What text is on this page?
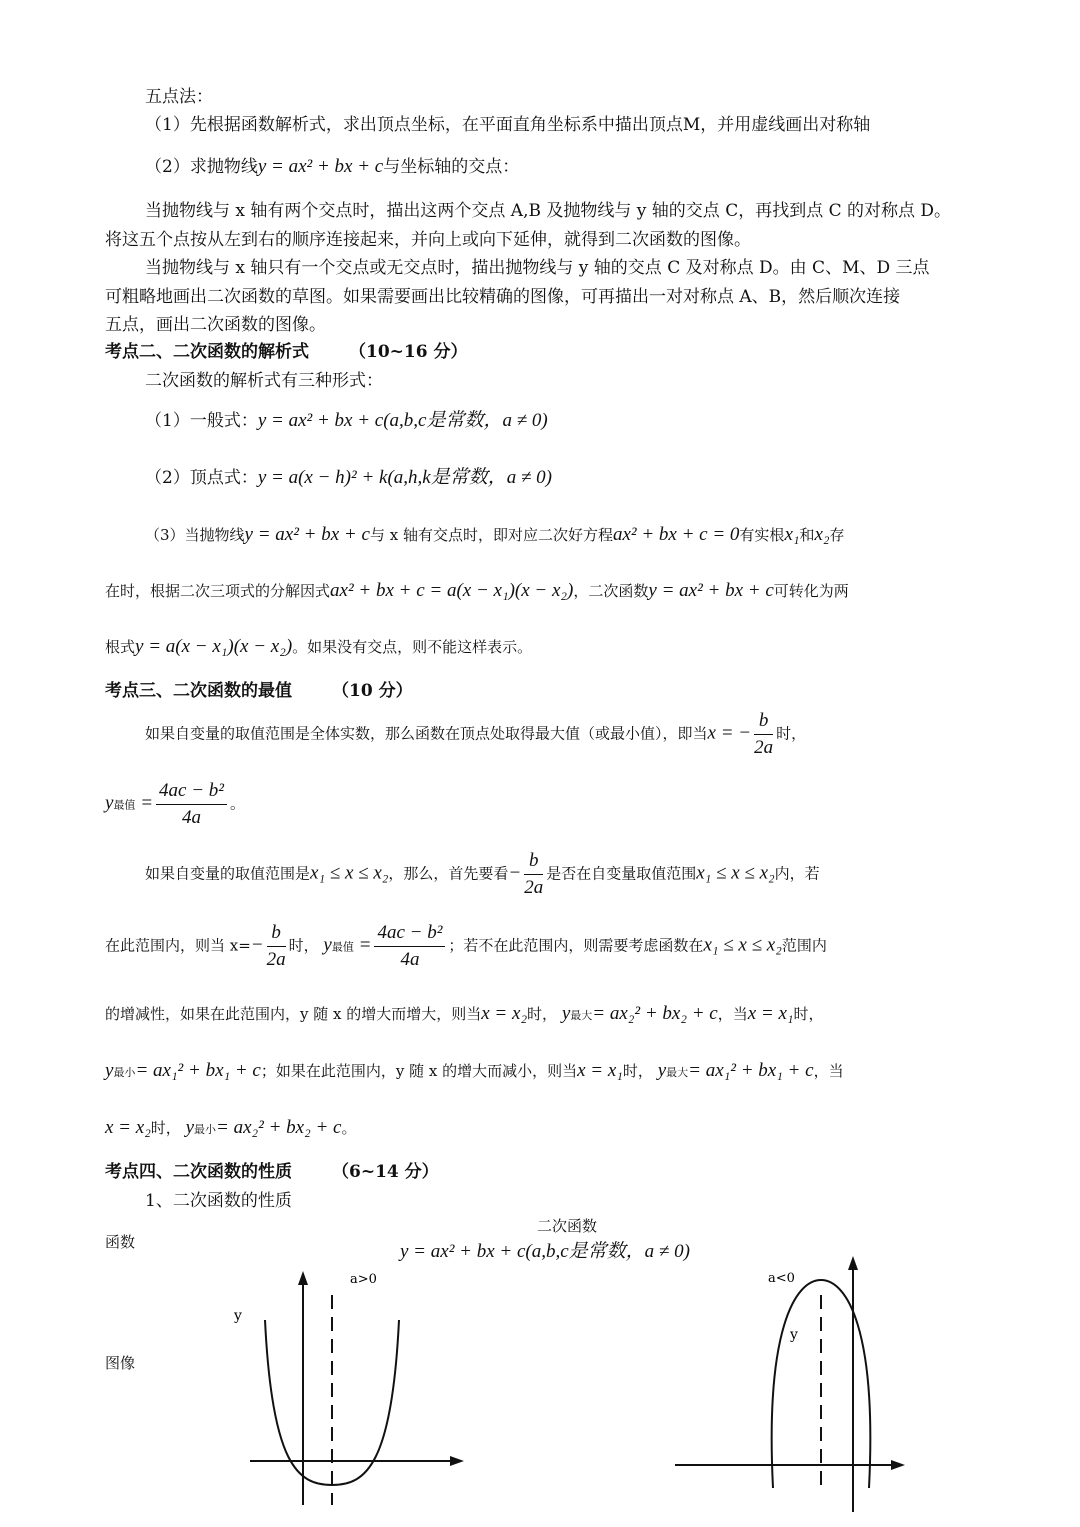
五点法：
（1）先根据函数解析式，求出顶点坐标，在平面直角坐标系中描出顶点M，并用虚线画出对称轴
（2）求抛物线y = ax² + bx + c与坐标轴的交点：
当抛物线与 x 轴有两个交点时，描出这两个交点 A,B 及抛物线与 y 轴的交点 C，再找到点 C 的对称点 D。
将这五个点按从左到右的顺序连接起来，并向上或向下延伸，就得到二次函数的图像。
当抛物线与 x 轴只有一个交点或无交点时，描出抛物线与 y 轴的交点 C 及对称点 D。由 C、M、D 三点
可粗略地画出二次函数的草图。如果需要画出比较精确的图像，可再描出一对对称点 A、B，然后顺次连接
五点，画出二次函数的图像。
考点二、二次函数的解析式 （10~16 分）
二次函数的解析式有三种形式：
（1）一般式：y = ax² + bx + c(a,b,c是常数，a ≠ 0)
（2）顶点式：y = a(x − h)² + k(a,h,k是常数，a ≠ 0)
（3）当抛物线y = ax² + bx + c与 x 轴有交点时，即对应二次好方程ax² + bx + c = 0有实根x₁和x₂存
在时，根据二次三项式的分解因式ax² + bx + c = a(x − x₁)(x − x₂)，二次函数y = ax² + bx + c可转化为两
根式y = a(x − x₁)(x − x₂)。如果没有交点，则不能这样表示。
考点三、二次函数的最值 （10 分）
如果自变量的取值范围是全体实数，那么函数在顶点处取得最大值（或最小值），即当x = − $\frac{b}{2a}$ 时，
y最值 = $\frac{\text{4ac − b²}}{4a}$ 。
如果自变量的取值范围是x₁ ≤ x ≤ x₂，那么，首先要看− $\frac{b}{2a}$ 是否在自变量取值范围x₁ ≤ x ≤ x₂内，若
在此范围内，则当 $x=- \frac{b}{2a}$ 时， y最值 = $\frac{\text{4ac − b²}}{4a}$ ；若不在此范围内，则需要考虑函数在x₁ ≤ x ≤ x₂范围内
的增减性，如果在此范围内，y 随 x 的增大而增大，则当x = x₂时， y最大= ax₂² + bx₂ + c，当x = x₁时，
y最小= ax₁² + bx₁ + c；如果在此范围内，y 随 x 的增大而减小，则当x = x₁时， y最大= ax₁² + bx₁ + c，当
x = x₂时， y最小= ax₂² + bx₂ + c。
考点四、二次函数的性质 （6~14 分）
1、二次函数的性质
二次函数
函数	y = ax² + bx + c(a,b,c是常数，a ≠ 0)
图像
a>0
y
a<0
y
